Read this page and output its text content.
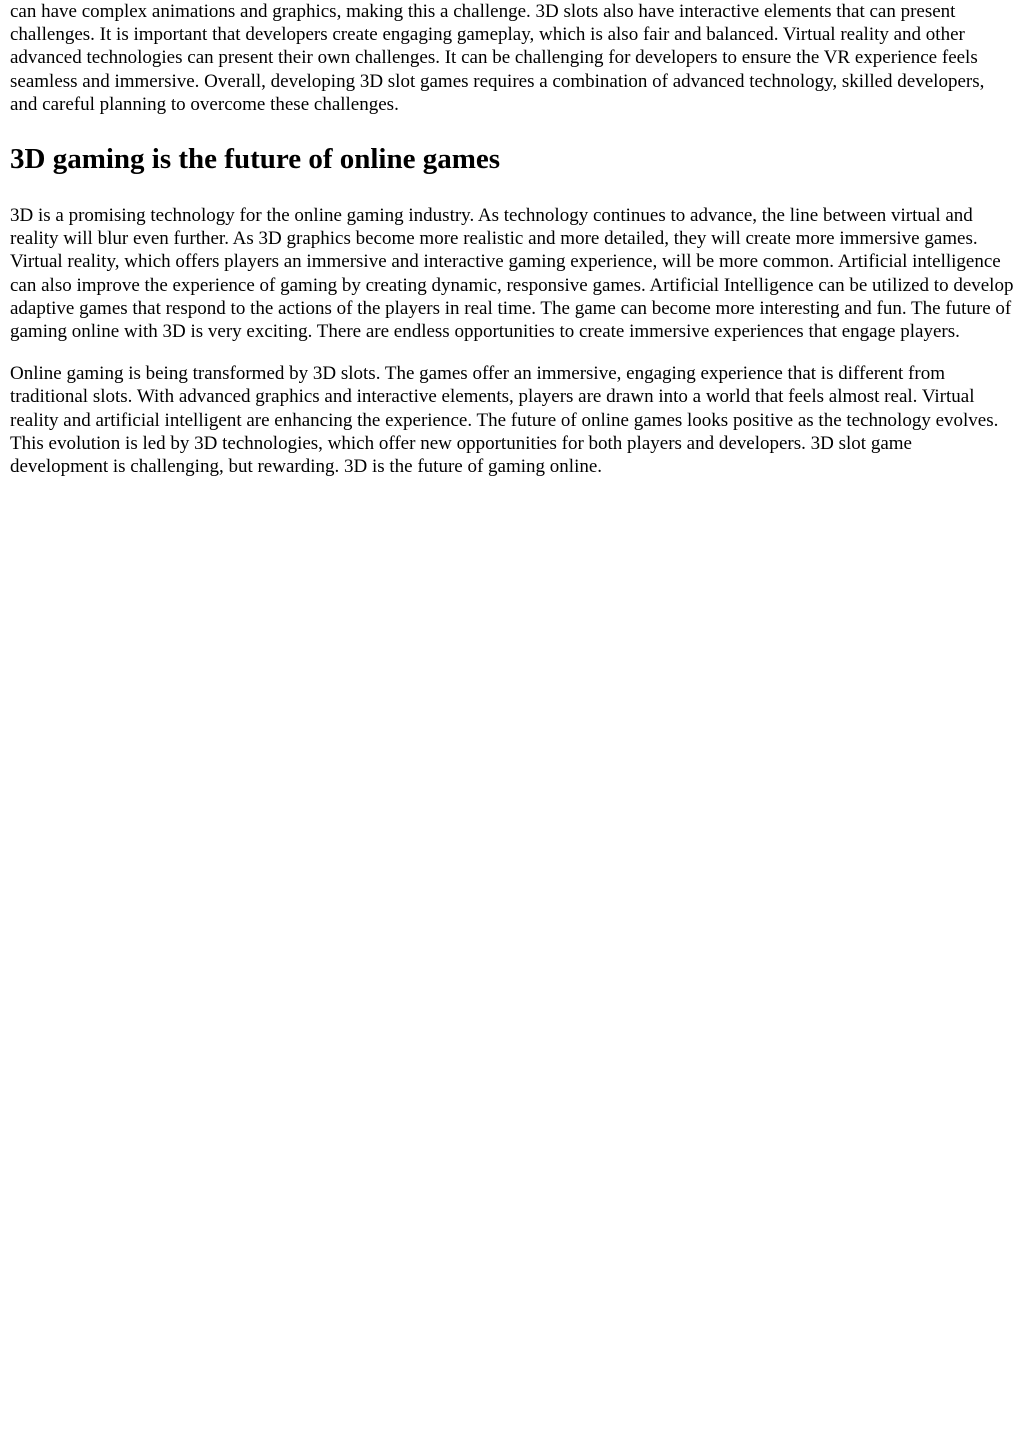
can have complex animations and graphics, making this a challenge. 3D slots also have interactive elements that can present challenges. It is important that developers create engaging gameplay, which is also fair and balanced. Virtual reality and other advanced technologies can present their own challenges. It can be challenging for developers to ensure the VR experience feels seamless and immersive. Overall, developing 3D slot games requires a combination of advanced technology, skilled developers, and careful planning to overcome these challenges.

3D gaming is the future of online games

3D is a promising technology for the online gaming industry. As technology continues to advance, the line between virtual and reality will blur even further. As 3D graphics become more realistic and more detailed, they will create more immersive games. Virtual reality, which offers players an immersive and interactive gaming experience, will be more common. Artificial intelligence can also improve the experience of gaming by creating dynamic, responsive games. Artificial Intelligence can be utilized to develop adaptive games that respond to the actions of the players in real time. The game can become more interesting and fun. The future of gaming online with 3D is very exciting. There are endless opportunities to create immersive experiences that engage players.

Online gaming is being transformed by 3D slots. The games offer an immersive, engaging experience that is different from traditional slots. With advanced graphics and interactive elements, players are drawn into a world that feels almost real. Virtual reality and artificial intelligent are enhancing the experience. The future of online games looks positive as the technology evolves. This evolution is led by 3D technologies, which offer new opportunities for both players and developers. 3D slot game development is challenging, but rewarding. 3D is the future of gaming online.
